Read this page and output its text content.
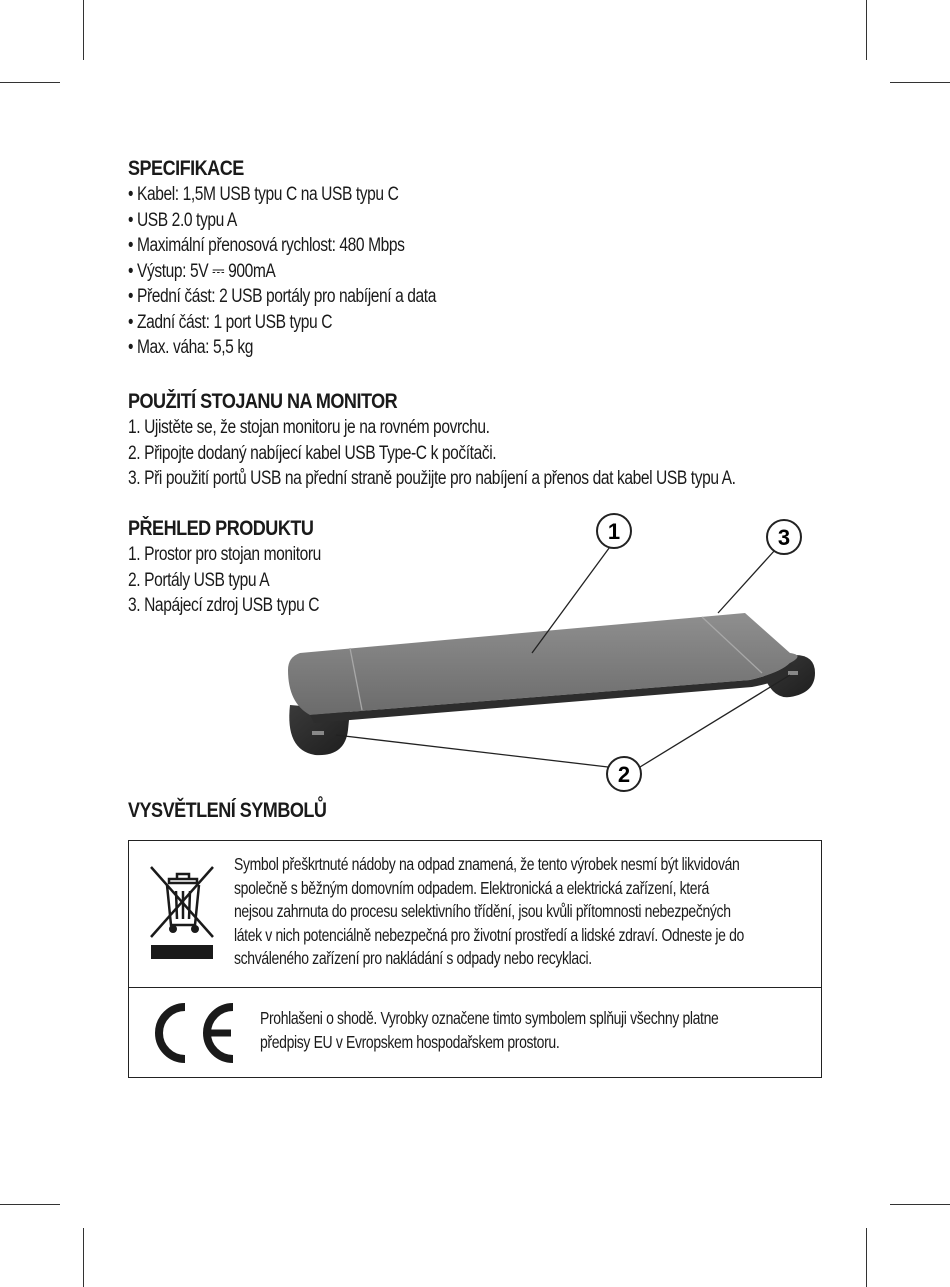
SPECIFIKACE
• Kabel: 1,5M USB typu C na USB typu C
• USB 2.0 typu A
• Maximální přenosová rychlost: 480 Mbps
• Výstup: 5V ⎓ 900mA
• Přední část: 2 USB portály pro nabíjení a data
• Zadní část: 1 port USB typu C
• Max. váha: 5,5 kg
POUŽITÍ STOJANU NA MONITOR
1. Ujistěte se, že stojan monitoru je na rovném povrchu.
2. Připojte dodaný nabíjecí kabel USB Type-C k počítači.
3. Při použití portů USB na přední straně použijte pro nabíjení a přenos dat kabel USB typu A.
PŘEHLED PRODUKTU
1. Prostor pro stojan monitoru
2. Portály USB typu A
3. Napájecí zdroj USB typu C
1	3
2
VYSVĚTLENÍ SYMBOLŮ
Symbol přeškrtnuté nádoby na odpad znamená, že tento výrobek nesmí být likvidován
společně s běžným domovním odpadem. Elektronická a elektrická zařízení, která
nejsou zahrnuta do procesu selektivního třídění, jsou kvůli přítomnosti nebezpečných
látek v nich potenciálně nebezpečná pro životní prostředí a lidské zdraví. Odneste je do
schváleného zařízení pro nakládání s odpady nebo recyklaci.
Prohlašeni o shodě. Vyrobky označene timto symbolem splňuji všechny platne
předpisy EU v Evropskem hospodařskem prostoru.
